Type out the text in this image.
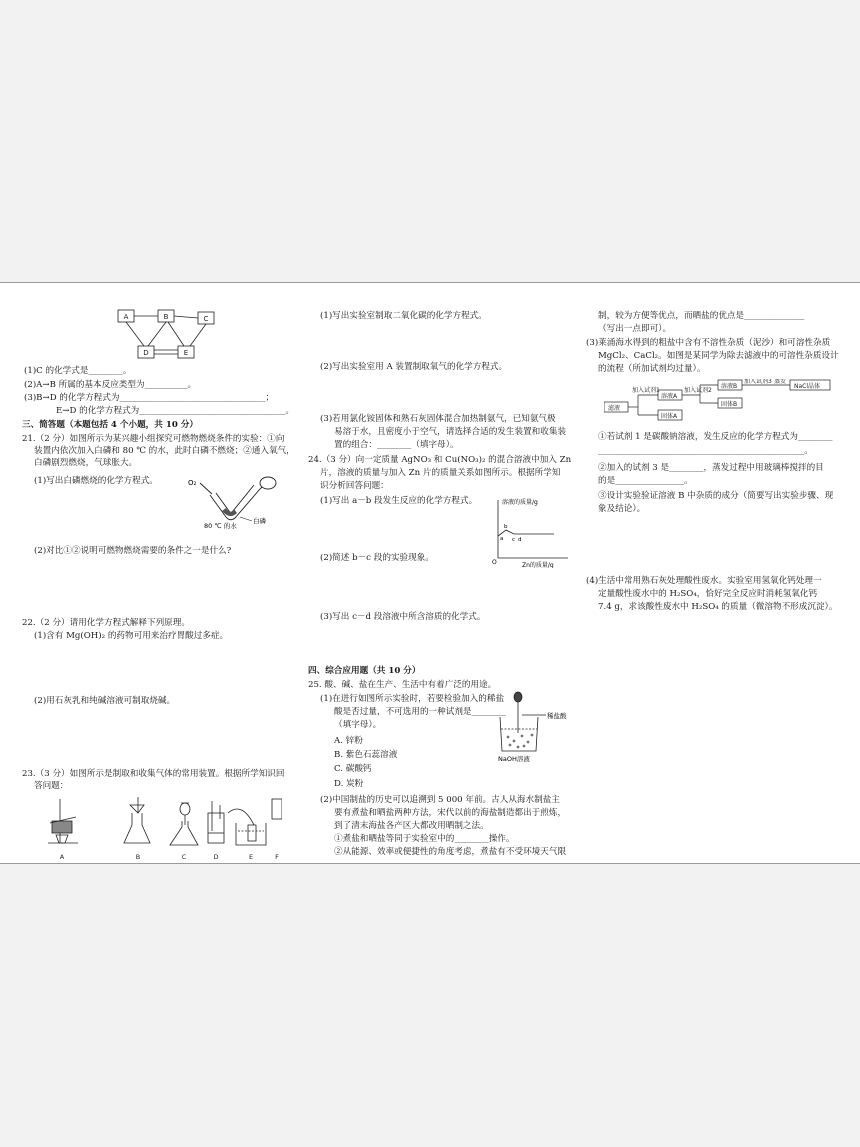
A	B	C
D	E
(1)C 的化学式是________。
(2)A→B 所属的基本反应类型为__________。
(3)B→D 的化学方程式为__________________________________；
E→D 的化学方程式为__________________________________。
三、简答题（本题包括 4 个小题，共 10 分）
21.（2 分）如图所示为某兴趣小组探究可燃物燃烧条件的实验：①向
装置内依次加入白磷和 80 ℃ 的水，此时白磷不燃烧；②通入氧气，
白磷剧烈燃烧，气球胀大。
(1)写出白磷燃烧的化学方程式。	O₂
80 ℃ 的水
白磷
(2)对比①②说明可燃物燃烧需要的条件之一是什么?
22.（2 分）请用化学方程式解释下列原理。
(1)含有 Mg(OH)₂ 的药物可用来治疗胃酸过多症。
(2)用石灰乳和纯碱溶液可制取烧碱。
23.（3 分）如图所示是制取和收集气体的常用装置。根据所学知识回
答问题：
A	B	C	D	E	F
(1)写出实验室制取二氧化碳的化学方程式。
(2)写出实验室用 A 装置制取氧气的化学方程式。
(3)若用氯化铵固体和熟石灰固体混合加热制氨气，已知氨气极
易溶于水，且密度小于空气，请选择合适的发生装置和收集装
置的组合：________（填字母）。
24.（3 分）向一定质量 AgNO₃ 和 Cu(NO₃)₂ 的混合溶液中加入 Zn
片，溶液的质量与加入 Zn 片的质量关系如图所示。根据所学知
识分析回答问题：
(1)写出 a－b 段发生反应的化学方程式。	溶液的质量/g
Zn的质量/g
O
a
b
c d
(2)简述 b－c 段的实验现象。
(3)写出 c－d 段溶液中所含溶质的化学式。
四、综合应用题（共 10 分）
25. 酸、碱、盐在生产、生活中有着广泛的用途。
(1)在进行如图所示实验时，若要检验加入的稀盐
酸是否过量，不可选用的一种试剂是________
（填字母）。
A. 锌粉
B. 紫色石蕊溶液
C. 碳酸钙
D. 炭粉
稀盐酸
NaOH溶液
(2)中国制盐的历史可以追溯到 5 000 年前。古人从海水制盐主
要有煮盐和晒盐两种方法，宋代以前的海盐制造都出于煎炼，
到了清末海盐各产区大都改用晒制之法。
①煮盐和晒盐等同于实验室中的________操作。
②从能源、效率或便捷性的角度考虑，煮盐有不受环境天气限
制，较为方便等优点，而晒盐的优点是______________
（写出一点即可）。
(3)莱涌海水得到的粗盐中含有不溶性杂质（泥沙）和可溶性杂质
MgCl₂、CaCl₂。如图是某同学为除去滤液中的可溶性杂质设计
的流程（所加试剂均过量）。
滤液
加入试剂1	加入试剂2
加入试剂3
溶液A
固体A
溶液B
固体B
蒸发
NaCl晶体
①若试剂 1 是碳酸钠溶液，发生反应的化学方程式为________
________________________________________________。
②加入的试剂 3 是________，蒸发过程中用玻璃棒搅拌的目
的是________________。
③设计实验验证溶液 B 中杂质的成分（简要写出实验步骤、现
象及结论）。
(4)生活中常用熟石灰处理酸性废水。实验室用氢氧化钙处理一
定量酸性废水中的 H₂SO₄，恰好完全反应时消耗氢氧化钙
7.4 g，求该酸性废水中 H₂SO₄ 的质量（微溶物不形成沉淀）。
